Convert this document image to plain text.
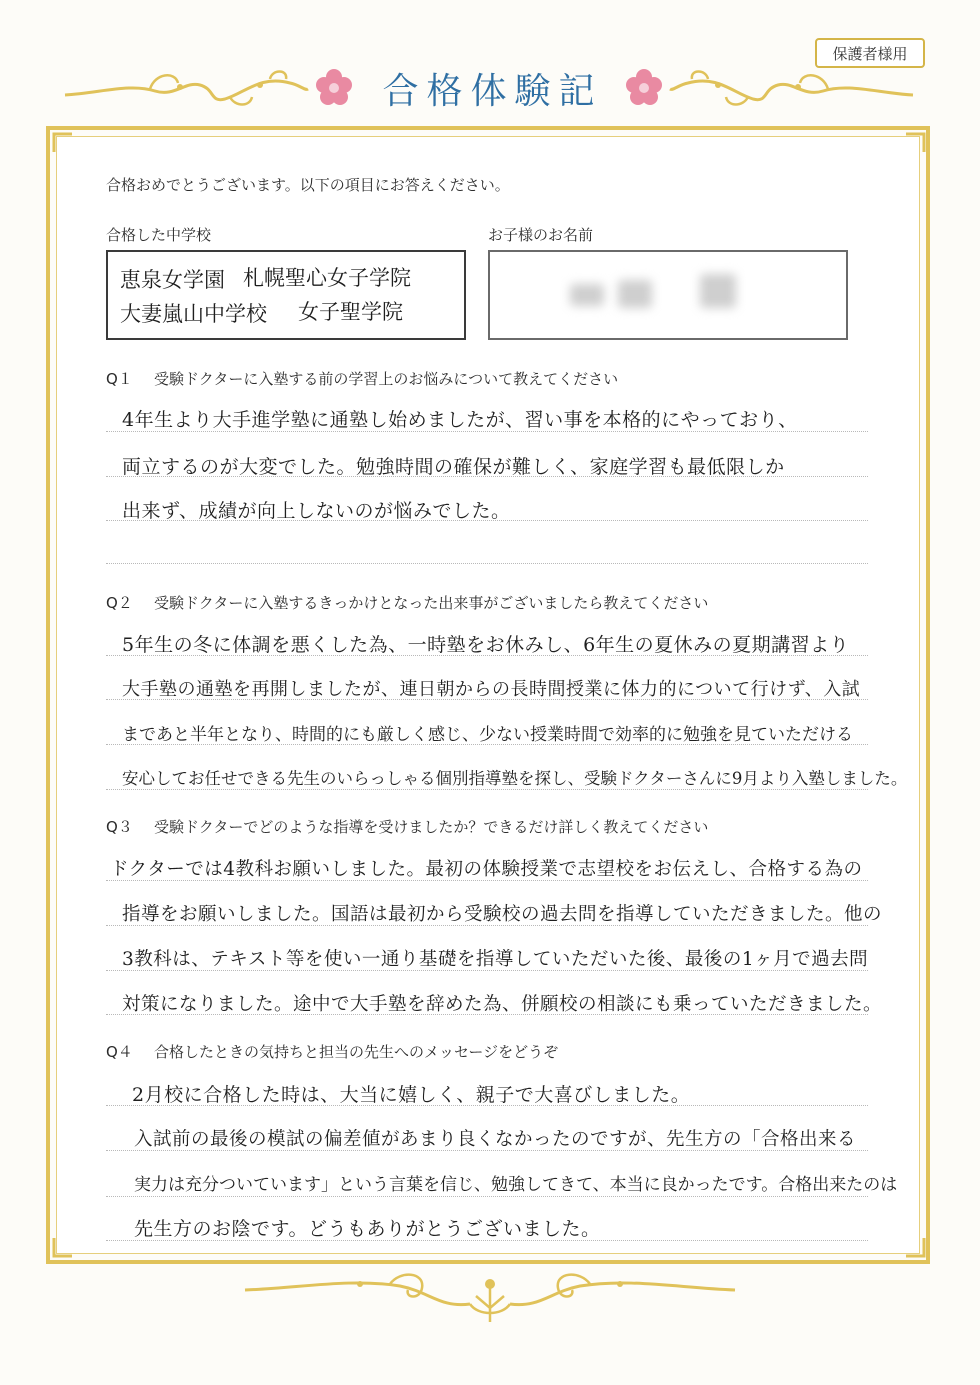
保護者様用
合格体験記
合格おめでとうございます。以下の項目にお答えください。
合格した中学校	お子様のお名前
恵泉女学園 札幌聖心女子学院
大妻嵐山中学校 女子聖学院
Q１ 受験ドクターに入塾する前の学習上のお悩みについて教えてください
4年生より大手進学塾に通塾し始めましたが、習い事を本格的にやっており、
両立するのが大変でした。勉強時間の確保が難しく、家庭学習も最低限しか
出来ず、成績が向上しないのが悩みでした。
Q２ 受験ドクターに入塾するきっかけとなった出来事がございましたら教えてください
5年生の冬に体調を悪くした為、一時塾をお休みし、6年生の夏休みの夏期講習より
大手塾の通塾を再開しましたが、連日朝からの長時間授業に体力的について行けず、入試
まであと半年となり、時間的にも厳しく感じ、少ない授業時間で効率的に勉強を見ていただける
安心してお任せできる先生のいらっしゃる個別指導塾を探し、受験ドクターさんに9月より入塾しました。
Q３ 受験ドクターでどのような指導を受けましたか？できるだけ詳しく教えてください
ドクターでは4教科お願いしました。最初の体験授業で志望校をお伝えし、合格する為の
指導をお願いしました。国語は最初から受験校の過去問を指導していただきました。他の
3教科は、テキスト等を使い一通り基礎を指導していただいた後、最後の1ヶ月で過去問
対策になりました。途中で大手塾を辞めた為、併願校の相談にも乗っていただきました。
Q４ 合格したときの気持ちと担当の先生へのメッセージをどうぞ
2月校に合格した時は、大当に嬉しく、親子で大喜びしました。
入試前の最後の模試の偏差値があまり良くなかったのですが、先生方の「合格出来る
実力は充分ついています」という言葉を信じ、勉強してきて、本当に良かったです。合格出来たのは
先生方のお陰です。どうもありがとうございました。
